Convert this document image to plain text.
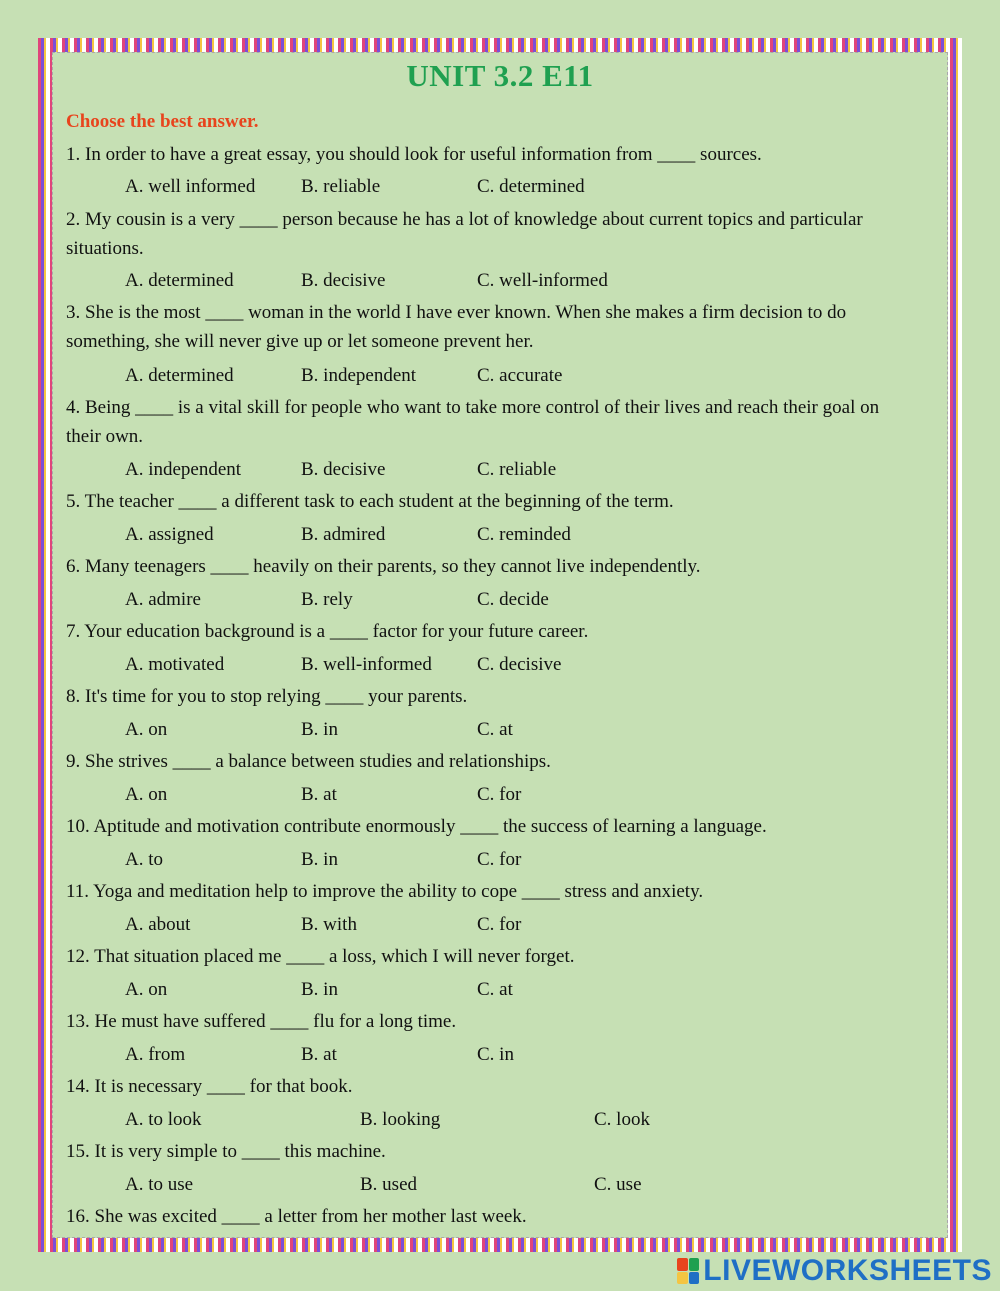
UNIT 3.2 E11
Choose the best answer.
1. In order to have a great essay, you should look for useful information from ____ sources.
A. well informed B. reliable	C. determined
2. My cousin is a very ____ person because he has a lot of knowledge about current topics and particular situations.
A. determined	B. decisive	C. well-informed
3. She is the most ____ woman in the world I have ever known. When she makes a firm decision to do something, she will never give up or let someone prevent her.
A. determined	B. independent	C. accurate
4. Being ____ is a vital skill for people who want to take more control of their lives and reach their goal on their own.
A. independent	B. decisive	C. reliable
5. The teacher ____ a different task to each student at the beginning of the term.
A. assigned	B. admired	C. reminded
6. Many teenagers ____ heavily on their parents, so they cannot live independently.
A. admire	B. rely	C. decide
7. Your education background is a ____ factor for your future career.
A. motivated	B. well-informed C. decisive
8. It's time for you to stop relying ____ your parents.
A. on	B. in	C. at
9. She strives ____ a balance between studies and relationships.
A. on	B. at	C. for
10. Aptitude and motivation contribute enormously ____ the success of learning a language.
A. to	B. in	C. for
11. Yoga and meditation help to improve the ability to cope ____ stress and anxiety.
A. about	B. with	C. for
12. That situation placed me ____ a loss, which I will never forget.
A. on	B. in	C. at
13. He must have suffered ____ flu for a long time.
A. from	B. at	C. in
14. It is necessary ____ for that book.
A. to look	B. looking	C. look
15. It is very simple to ____ this machine.
A. to use	B. used	C. use
16. She was excited ____ a letter from her mother last week.
LIVEWORKSHEETS
